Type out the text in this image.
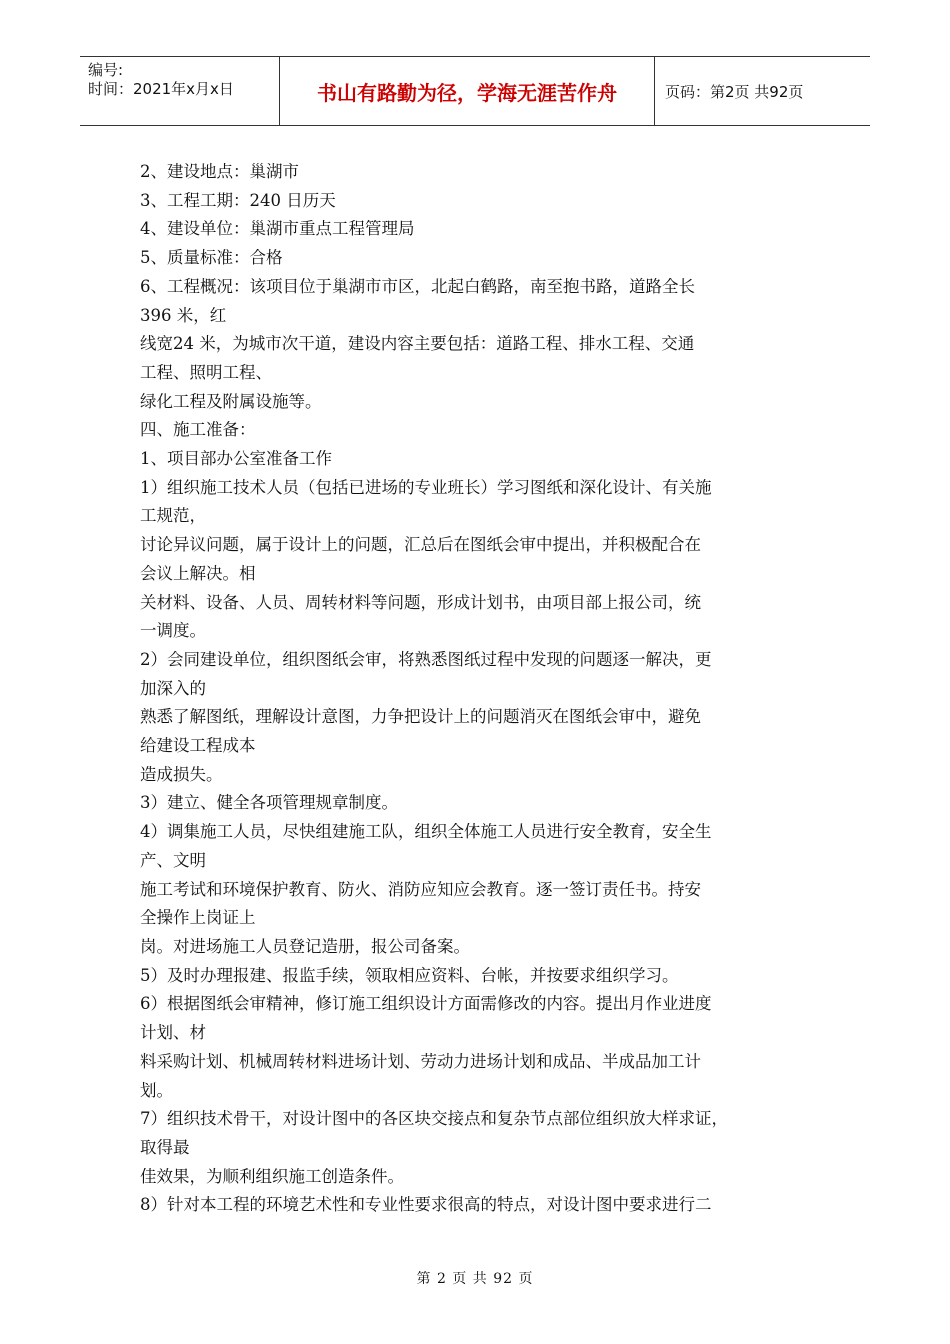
编号:
时间：2021年x月x日	书山有路勤为径，学海无涯苦作舟	页码：第2页 共92页
2、建设地点：巢湖市
3、工程工期：240 日历天
4、建设单位：巢湖市重点工程管理局
5、质量标准：合格
6、工程概况：该项目位于巢湖市市区，北起白鹤路，南至抱书路，道路全长
396 米，红
线宽24 米，为城市次干道，建设内容主要包括：道路工程、排水工程、交通
工程、照明工程、
绿化工程及附属设施等。
四、施工准备：
1、项目部办公室准备工作
1）组织施工技术人员（包括已进场的专业班长）学习图纸和深化设计、有关施
工规范，
讨论异议问题，属于设计上的问题，汇总后在图纸会审中提出，并积极配合在
会议上解决。相
关材料、设备、人员、周转材料等问题，形成计划书，由项目部上报公司，统
一调度。
2）会同建设单位，组织图纸会审，将熟悉图纸过程中发现的问题逐一解决，更
加深入的
熟悉了解图纸，理解设计意图，力争把设计上的问题消灭在图纸会审中，避免
给建设工程成本
造成损失。
3）建立、健全各项管理规章制度。
4）调集施工人员，尽快组建施工队，组织全体施工人员进行安全教育，安全生
产、文明
施工考试和环境保护教育、防火、消防应知应会教育。逐一签订责任书。持安
全操作上岗证上
岗。对进场施工人员登记造册，报公司备案。
5）及时办理报建、报监手续，领取相应资料、台帐，并按要求组织学习。
6）根据图纸会审精神，修订施工组织设计方面需修改的内容。提出月作业进度
计划、材
料采购计划、机械周转材料进场计划、劳动力进场计划和成品、半成品加工计
划。
7）组织技术骨干，对设计图中的各区块交接点和复杂节点部位组织放大样求证，
取得最
佳效果，为顺利组织施工创造条件。
8）针对本工程的环境艺术性和专业性要求很高的特点，对设计图中要求进行二
第 2 页 共 92 页
